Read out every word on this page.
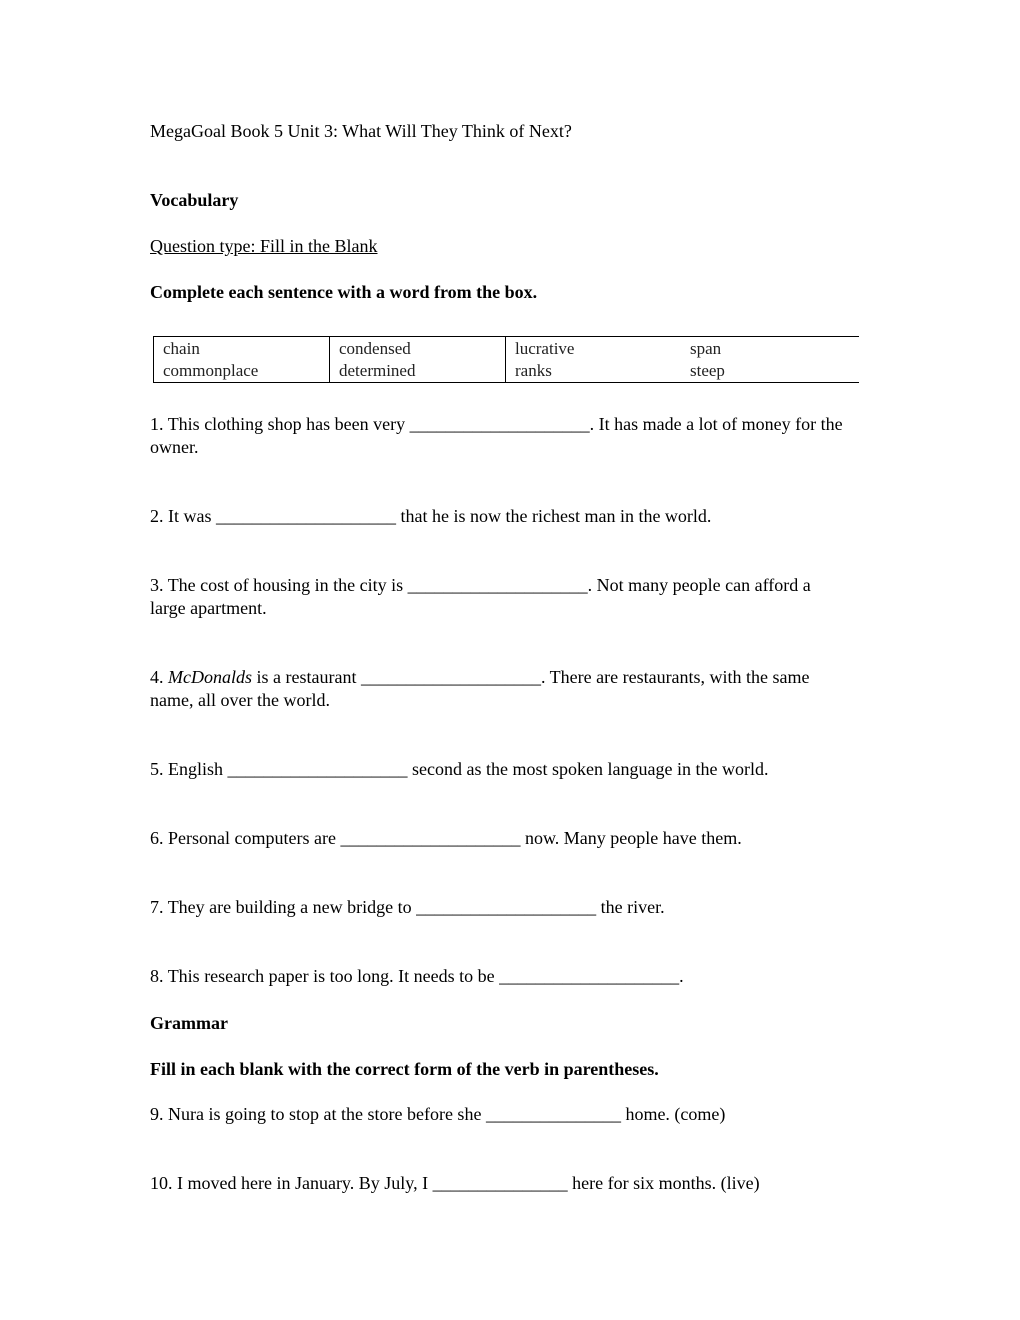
MegaGoal Book 5 Unit 3: What Will They Think of Next?

Vocabulary

Question type: Fill in the Blank

Complete each sentence with a word from the box.

chain
commonplace
condensed
determined
lucrative
ranks
span
steep

1. This clothing shop has been very ____________________. It has made a lot of money for the owner.

2. It was ____________________ that he is now the richest man in the world.

3. The cost of housing in the city is ____________________. Not many people can afford a large apartment.

4. McDonalds is a restaurant ____________________. There are restaurants, with the same name, all over the world.

5. English ____________________ second as the most spoken language in the world.

6. Personal computers are ____________________ now. Many people have them.

7. They are building a new bridge to ____________________ the river.

8. This research paper is too long. It needs to be ____________________.

Grammar

Fill in each blank with the correct form of the verb in parentheses.

9. Nura is going to stop at the store before she _______________ home. (come)

10. I moved here in January. By July, I _______________ here for six months. (live)
